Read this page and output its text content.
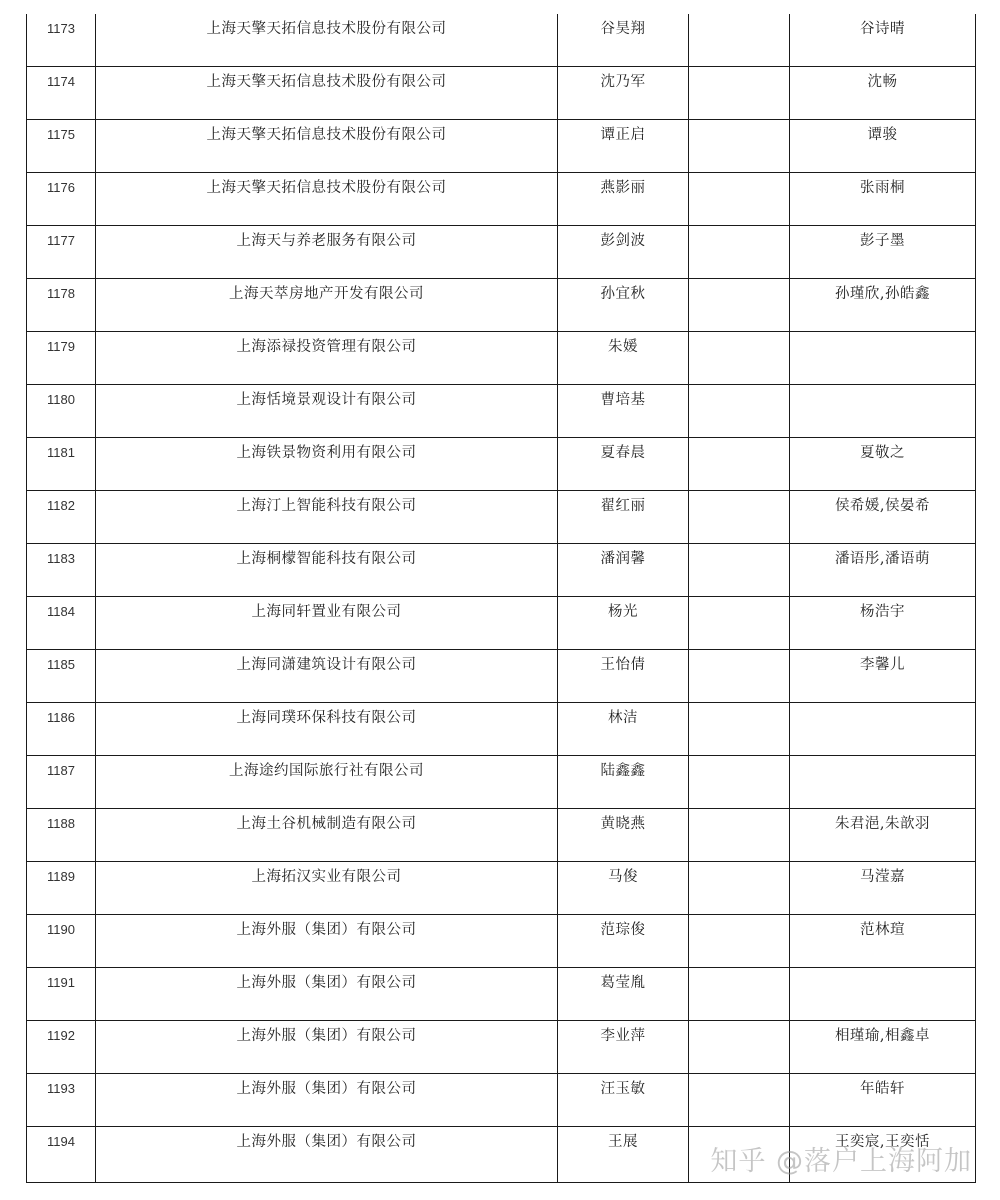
1173	上海天擎天拓信息技术股份有限公司	谷昊翔	谷诗晴
1174	上海天擎天拓信息技术股份有限公司	沈乃军	沈畅
1175	上海天擎天拓信息技术股份有限公司	谭正启	谭骏
1176	上海天擎天拓信息技术股份有限公司	燕影丽	张雨桐
1177	上海天与养老服务有限公司	彭剑波	彭子墨
1178	上海天萃房地产开发有限公司	孙宜秋	孙瑾欣,孙皓鑫
1179	上海添禄投资管理有限公司	朱媛
1180	上海恬境景观设计有限公司	曹培基
1181	上海铁景物资利用有限公司	夏春晨	夏敬之
1182	上海汀上智能科技有限公司	翟红丽	侯希媛,侯晏希
1183	上海桐檬智能科技有限公司	潘润馨	潘语彤,潘语萌
1184	上海同轩置业有限公司	杨光	杨浩宇
1185	上海同潇建筑设计有限公司	王怡倩	李馨儿
1186	上海同璞环保科技有限公司	林洁
1187	上海途约国际旅行社有限公司	陆鑫鑫
1188	上海土谷机械制造有限公司	黄晓燕	朱君浥,朱歆羽
1189	上海拓汉实业有限公司	马俊	马滢嘉
1190	上海外服（集团）有限公司	范琮俊	范林瑄
1191	上海外服（集团）有限公司	葛莹胤
1192	上海外服（集团）有限公司	李业萍	相瑾瑜,相鑫卓
1193	上海外服（集团）有限公司	汪玉敏	年皓轩
1194	上海外服（集团）有限公司	王展	王奕宸,王奕恬
知乎 @落户上海阿加
